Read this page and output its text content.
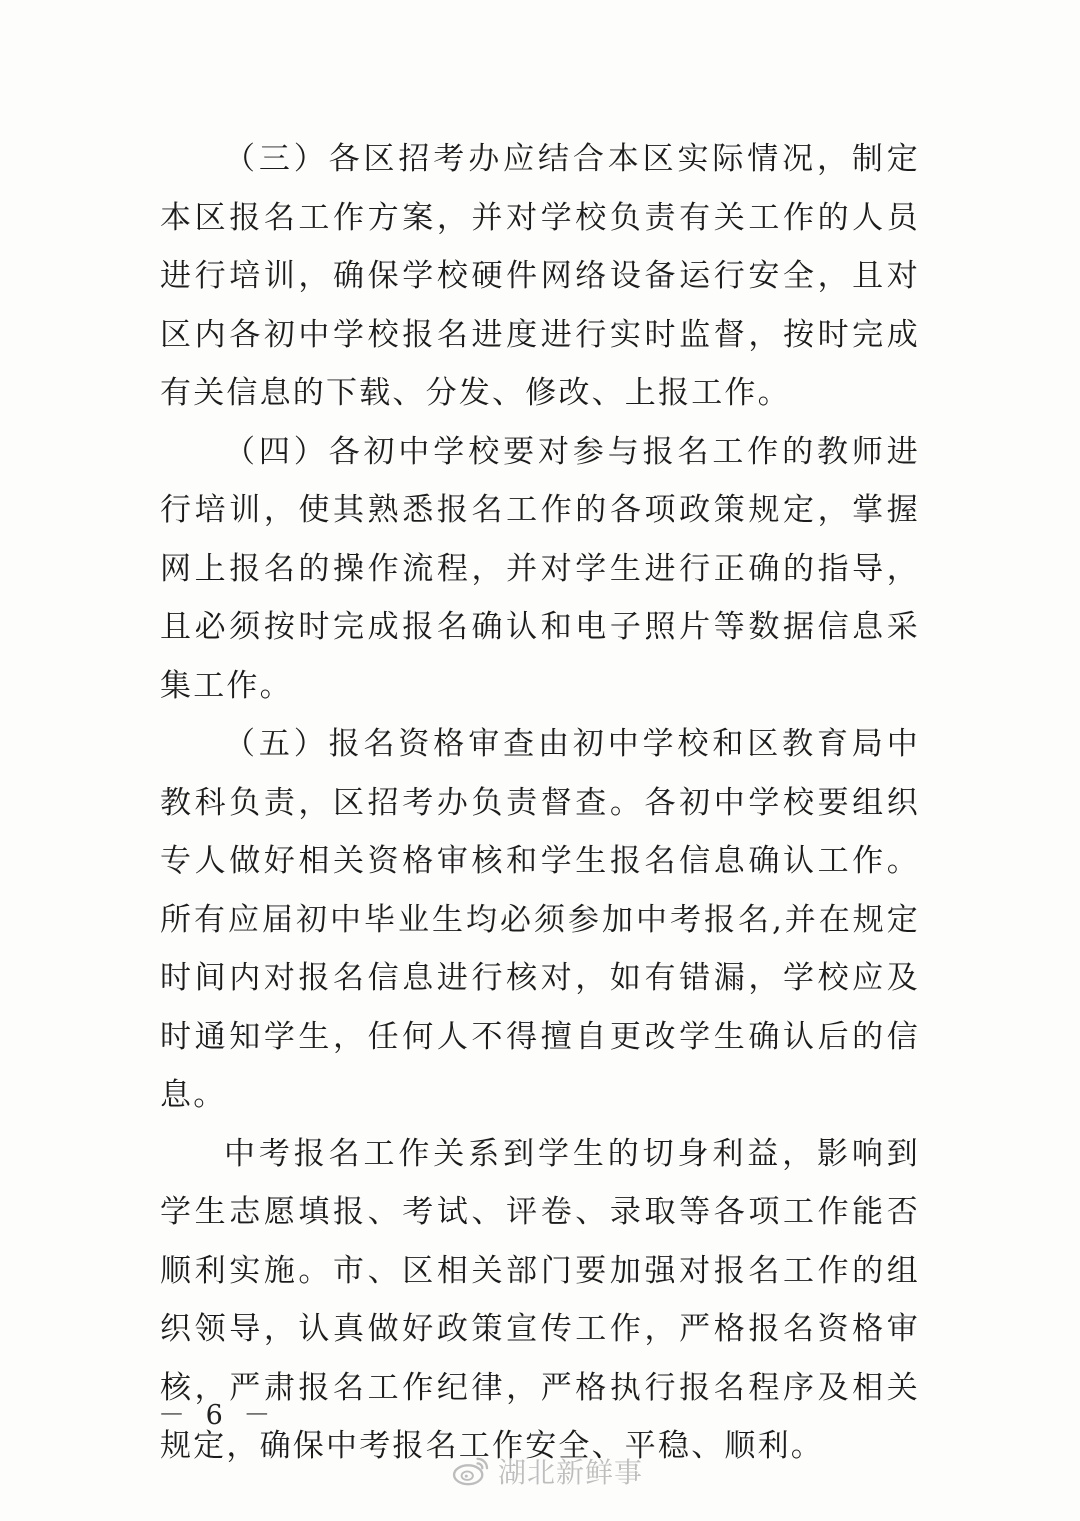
（三）各区招考办应结合本区实际情况，制定本区报名工作方案，并对学校负责有关工作的人员进行培训，确保学校硬件网络设备运行安全，且对区内各初中学校报名进度进行实时监督，按时完成有关信息的下载、分发、修改、上报工作。

（四）各初中学校要对参与报名工作的教师进行培训，使其熟悉报名工作的各项政策规定，掌握网上报名的操作流程，并对学生进行正确的指导，且必须按时完成报名确认和电子照片等数据信息采集工作。

（五）报名资格审查由初中学校和区教育局中教科负责，区招考办负责督查。各初中学校要组织专人做好相关资格审核和学生报名信息确认工作。所有应届初中毕业生均必须参加中考报名,并在规定时间内对报名信息进行核对，如有错漏，学校应及时通知学生，任何人不得擅自更改学生确认后的信息。

中考报名工作关系到学生的切身利益，影响到学生志愿填报、考试、评卷、录取等各项工作能否顺利实施。市、区相关部门要加强对报名工作的组织领导，认真做好政策宣传工作，严格报名资格审核，严肃报名工作纪律，严格执行报名程序及相关规定，确保中考报名工作安全、平稳、顺利。

－ 6 －
湖北新鲜事
